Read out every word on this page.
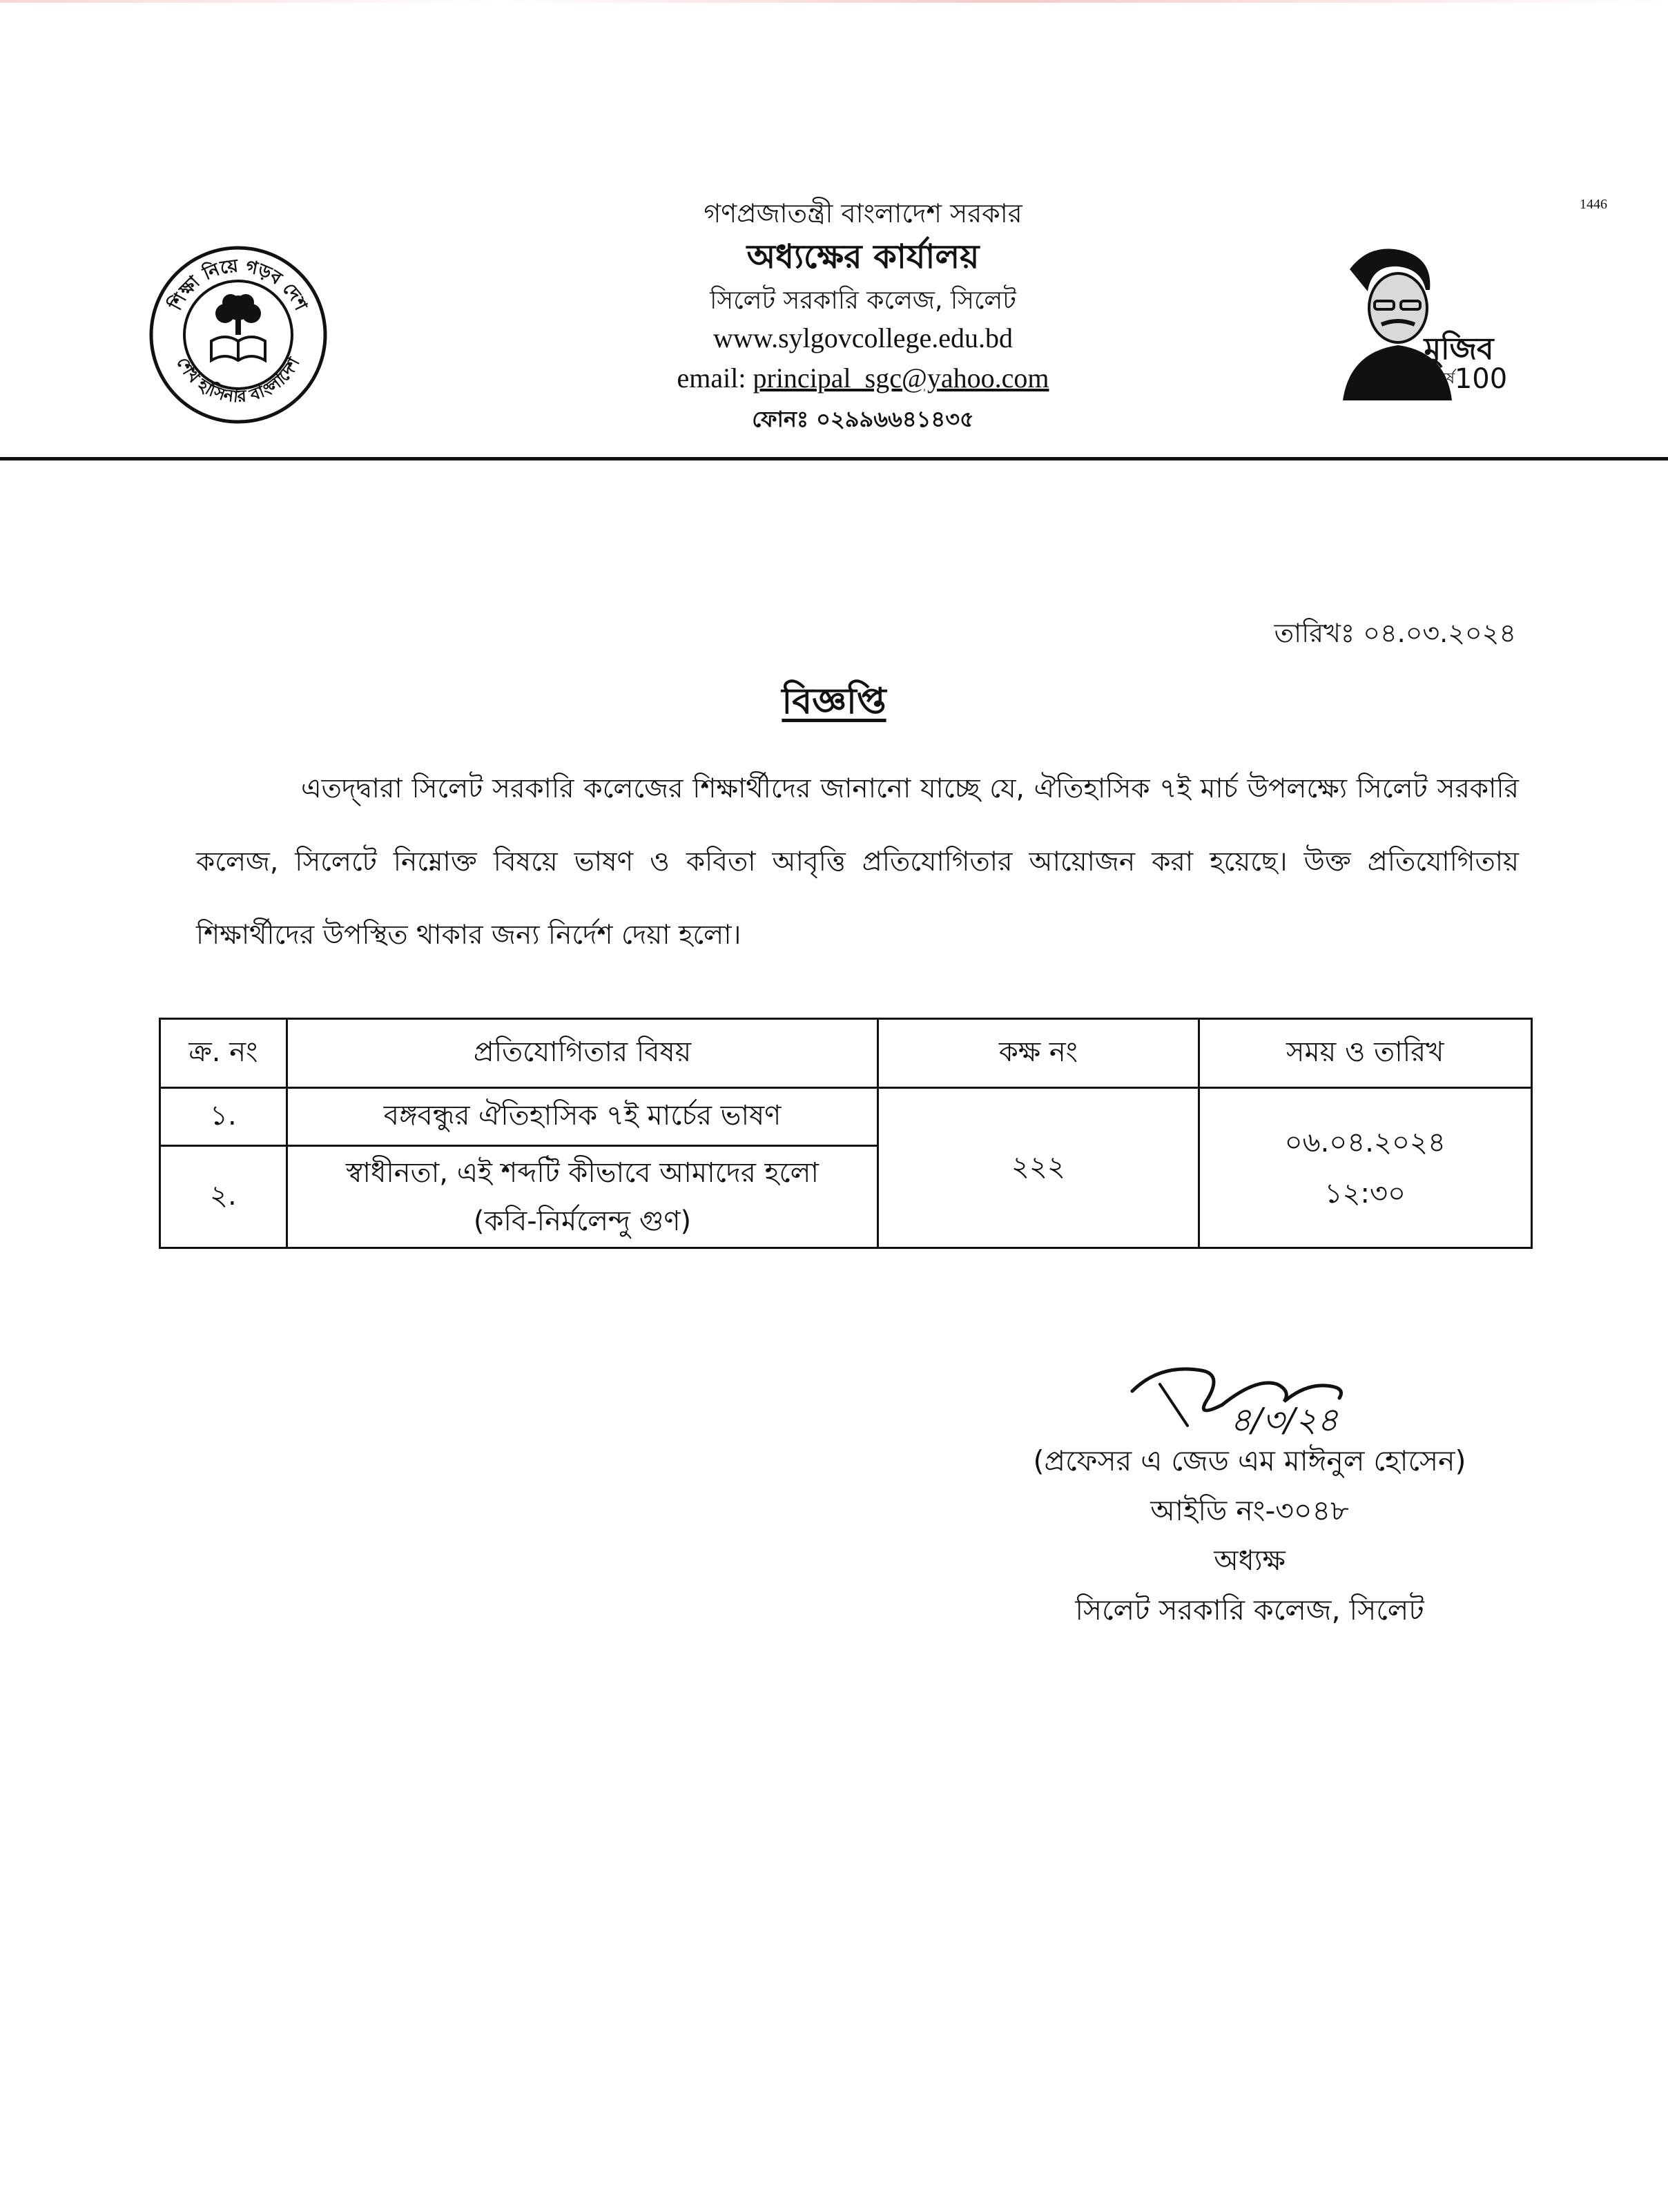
শিক্ষা নিয়ে গড়ব দেশ
শেখ হাসিনার বাংলাদেশ
গণপ্রজাতন্ত্রী বাংলাদেশ সরকার
অধ্যক্ষের কার্যালয়
সিলেট সরকারি কলেজ, সিলেট
www.sylgovcollege.edu.bd
email: principal_sgc@yahoo.com
ফোনঃ ০২৯৯৬৬৪১৪৩৫
1446
মুজিব
বর্ষ 100
তারিখঃ ০৪.০৩.২০২৪
বিজ্ঞপ্তি
এতদ্দ্বারা সিলেট সরকারি কলেজের শিক্ষার্থীদের জানানো যাচ্ছে যে, ঐতিহাসিক ৭ই মার্চ উপলক্ষ্যে সিলেট সরকারি কলেজ, সিলেটে নিম্নোক্ত বিষয়ে ভাষণ ও কবিতা আবৃত্তি প্রতিযোগিতার আয়োজন করা হয়েছে। উক্ত প্রতিযোগিতায় শিক্ষার্থীদের উপস্থিত থাকার জন্য নির্দেশ দেয়া হলো।
ক্র. নং	প্রতিযোগিতার বিষয়	কক্ষ নং	সময় ও তারিখ
১.	বঙ্গবন্ধুর ঐতিহাসিক ৭ই মার্চের ভাষণ	২২২	০৬.০৪.২০২৪
১২:৩০

২.	স্বাধীনতা, এই শব্দটি কীভাবে আমাদের হলো
(কবি-নির্মলেন্দু গুণ)		
৪/৩/২৪
(প্রফেসর এ জেড এম মাঈনুল হোসেন)
আইডি নং-৩০৪৮
অধ্যক্ষ
সিলেট সরকারি কলেজ, সিলেট
